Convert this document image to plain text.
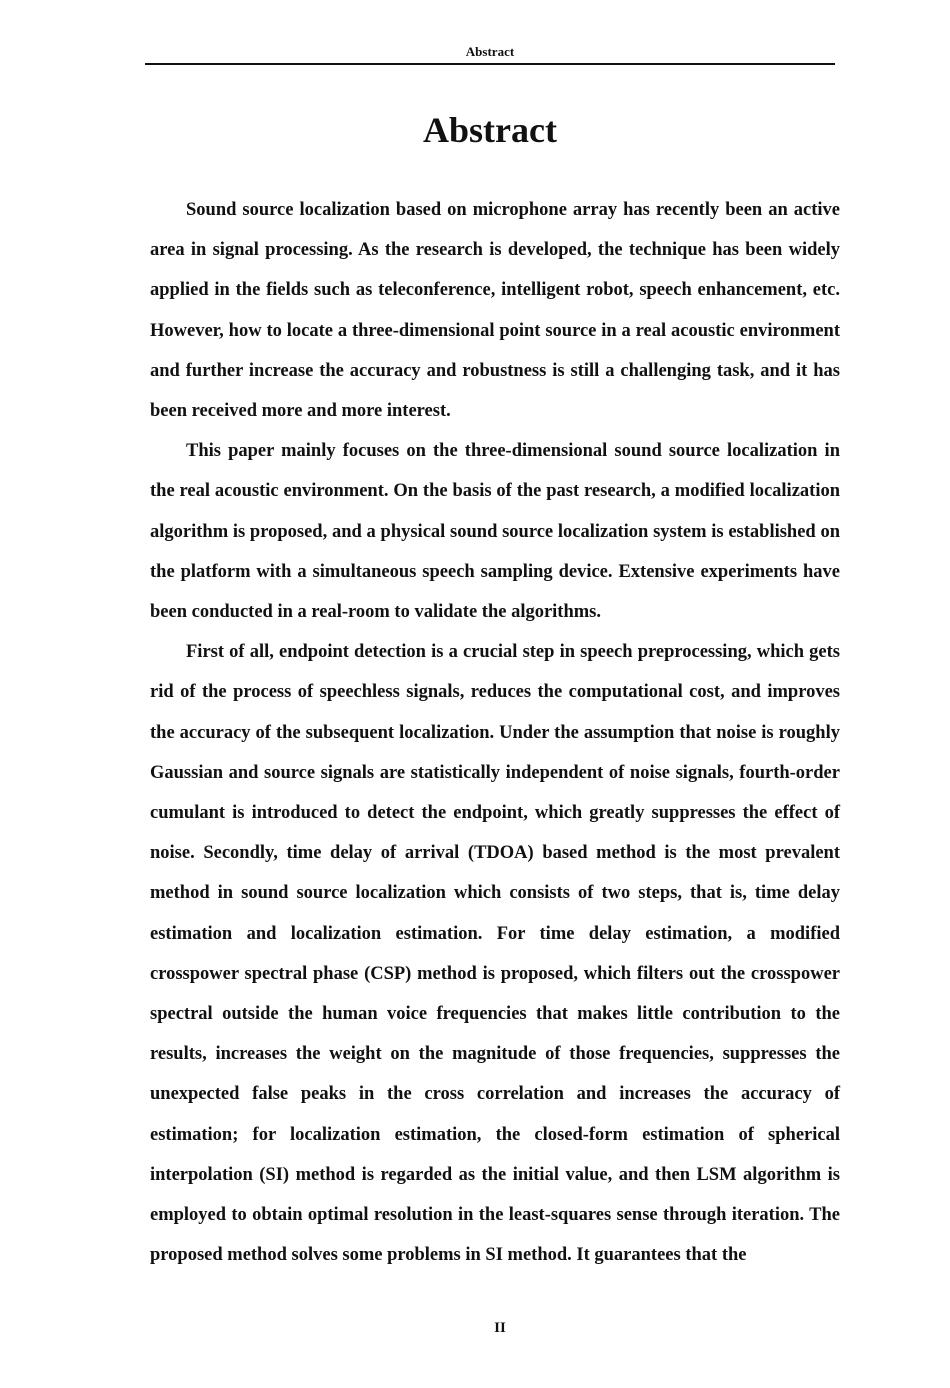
Abstract
Abstract

Sound source localization based on microphone array has recently been an active area in signal processing. As the research is developed, the technique has been widely applied in the fields such as teleconference, intelligent robot, speech enhancement, etc. However, how to locate a three-dimensional point source in a real acoustic environment and further increase the accuracy and robustness is still a challenging task, and it has been received more and more interest.

This paper mainly focuses on the three-dimensional sound source localization in the real acoustic environment. On the basis of the past research, a modified localization algorithm is proposed, and a physical sound source localization system is established on the platform with a simultaneous speech sampling device. Extensive experiments have been conducted in a real-room to validate the algorithms.

First of all, endpoint detection is a crucial step in speech preprocessing, which gets rid of the process of speechless signals, reduces the computational cost, and improves the accuracy of the subsequent localization. Under the assumption that noise is roughly Gaussian and source signals are statistically independent of noise signals, fourth-order cumulant is introduced to detect the endpoint, which greatly suppresses the effect of noise. Secondly, time delay of arrival (TDOA) based method is the most prevalent method in sound source localization which consists of two steps, that is, time delay estimation and localization estimation. For time delay estimation, a modified crosspower spectral phase (CSP) method is proposed, which filters out the crosspower spectral outside the human voice frequencies that makes little contribution to the results, increases the weight on the magnitude of those frequencies, suppresses the unexpected false peaks in the cross correlation and increases the accuracy of estimation; for localization estimation, the closed-form estimation of spherical interpolation (SI) method is regarded as the initial value, and then LSM algorithm is employed to obtain optimal resolution in the least-squares sense through iteration. The proposed method solves some problems in SI method. It guarantees that the

II
